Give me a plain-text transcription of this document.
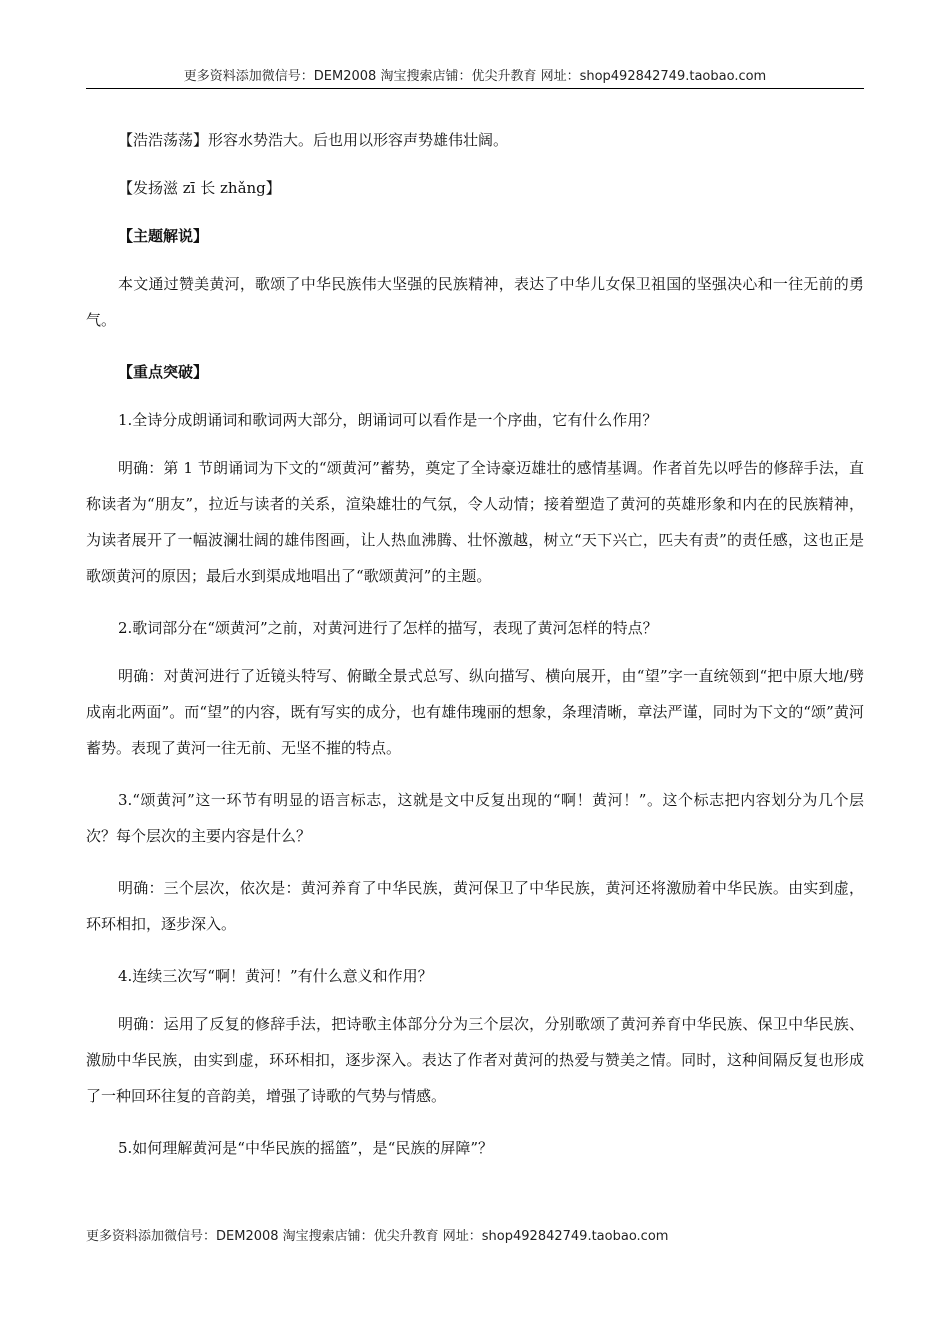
更多资料添加微信号：DEM2008 淘宝搜索店铺：优尖升教育 网址：shop492842749.taobao.com

【浩浩荡荡】形容水势浩大。后也用以形容声势雄伟壮阔。

【发扬滋 zī 长 zhǎng】

【主题解说】

本文通过赞美黄河，歌颂了中华民族伟大坚强的民族精神，表达了中华儿女保卫祖国的坚强决心和一往无前的勇气。

【重点突破】

1.全诗分成朗诵词和歌词两大部分，朗诵词可以看作是一个序曲，它有什么作用？

明确：第 1 节朗诵词为下文的“颂黄河”蓄势，奠定了全诗豪迈雄壮的感情基调。作者首先以呼告的修辞手法，直称读者为“朋友”，拉近与读者的关系，渲染雄壮的气氛，令人动情；接着塑造了黄河的英雄形象和内在的民族精神，为读者展开了一幅波澜壮阔的雄伟图画，让人热血沸腾、壮怀激越，树立“天下兴亡，匹夫有责”的责任感，这也正是歌颂黄河的原因；最后水到渠成地唱出了“歌颂黄河”的主题。

2.歌词部分在“颂黄河”之前，对黄河进行了怎样的描写，表现了黄河怎样的特点？

明确：对黄河进行了近镜头特写、俯瞰全景式总写、纵向描写、横向展开，由“望”字一直统领到“把中原大地/劈成南北两面”。而“望”的内容，既有写实的成分，也有雄伟瑰丽的想象，条理清晰，章法严谨，同时为下文的“颂”黄河蓄势。表现了黄河一往无前、无坚不摧的特点。

3.“颂黄河”这一环节有明显的语言标志，这就是文中反复出现的“啊！黄河！”。这个标志把内容划分为几个层次？每个层次的主要内容是什么？

明确：三个层次，依次是：黄河养育了中华民族，黄河保卫了中华民族，黄河还将激励着中华民族。由实到虚，环环相扣，逐步深入。

4.连续三次写“啊！黄河！”有什么意义和作用？

明确：运用了反复的修辞手法，把诗歌主体部分分为三个层次，分别歌颂了黄河养育中华民族、保卫中华民族、激励中华民族，由实到虚，环环相扣，逐步深入。表达了作者对黄河的热爱与赞美之情。同时，这种间隔反复也形成了一种回环往复的音韵美，增强了诗歌的气势与情感。

5.如何理解黄河是“中华民族的摇篮”，是“民族的屏障”？

更多资料添加微信号：DEM2008 淘宝搜索店铺：优尖升教育 网址：shop492842749.taobao.com
